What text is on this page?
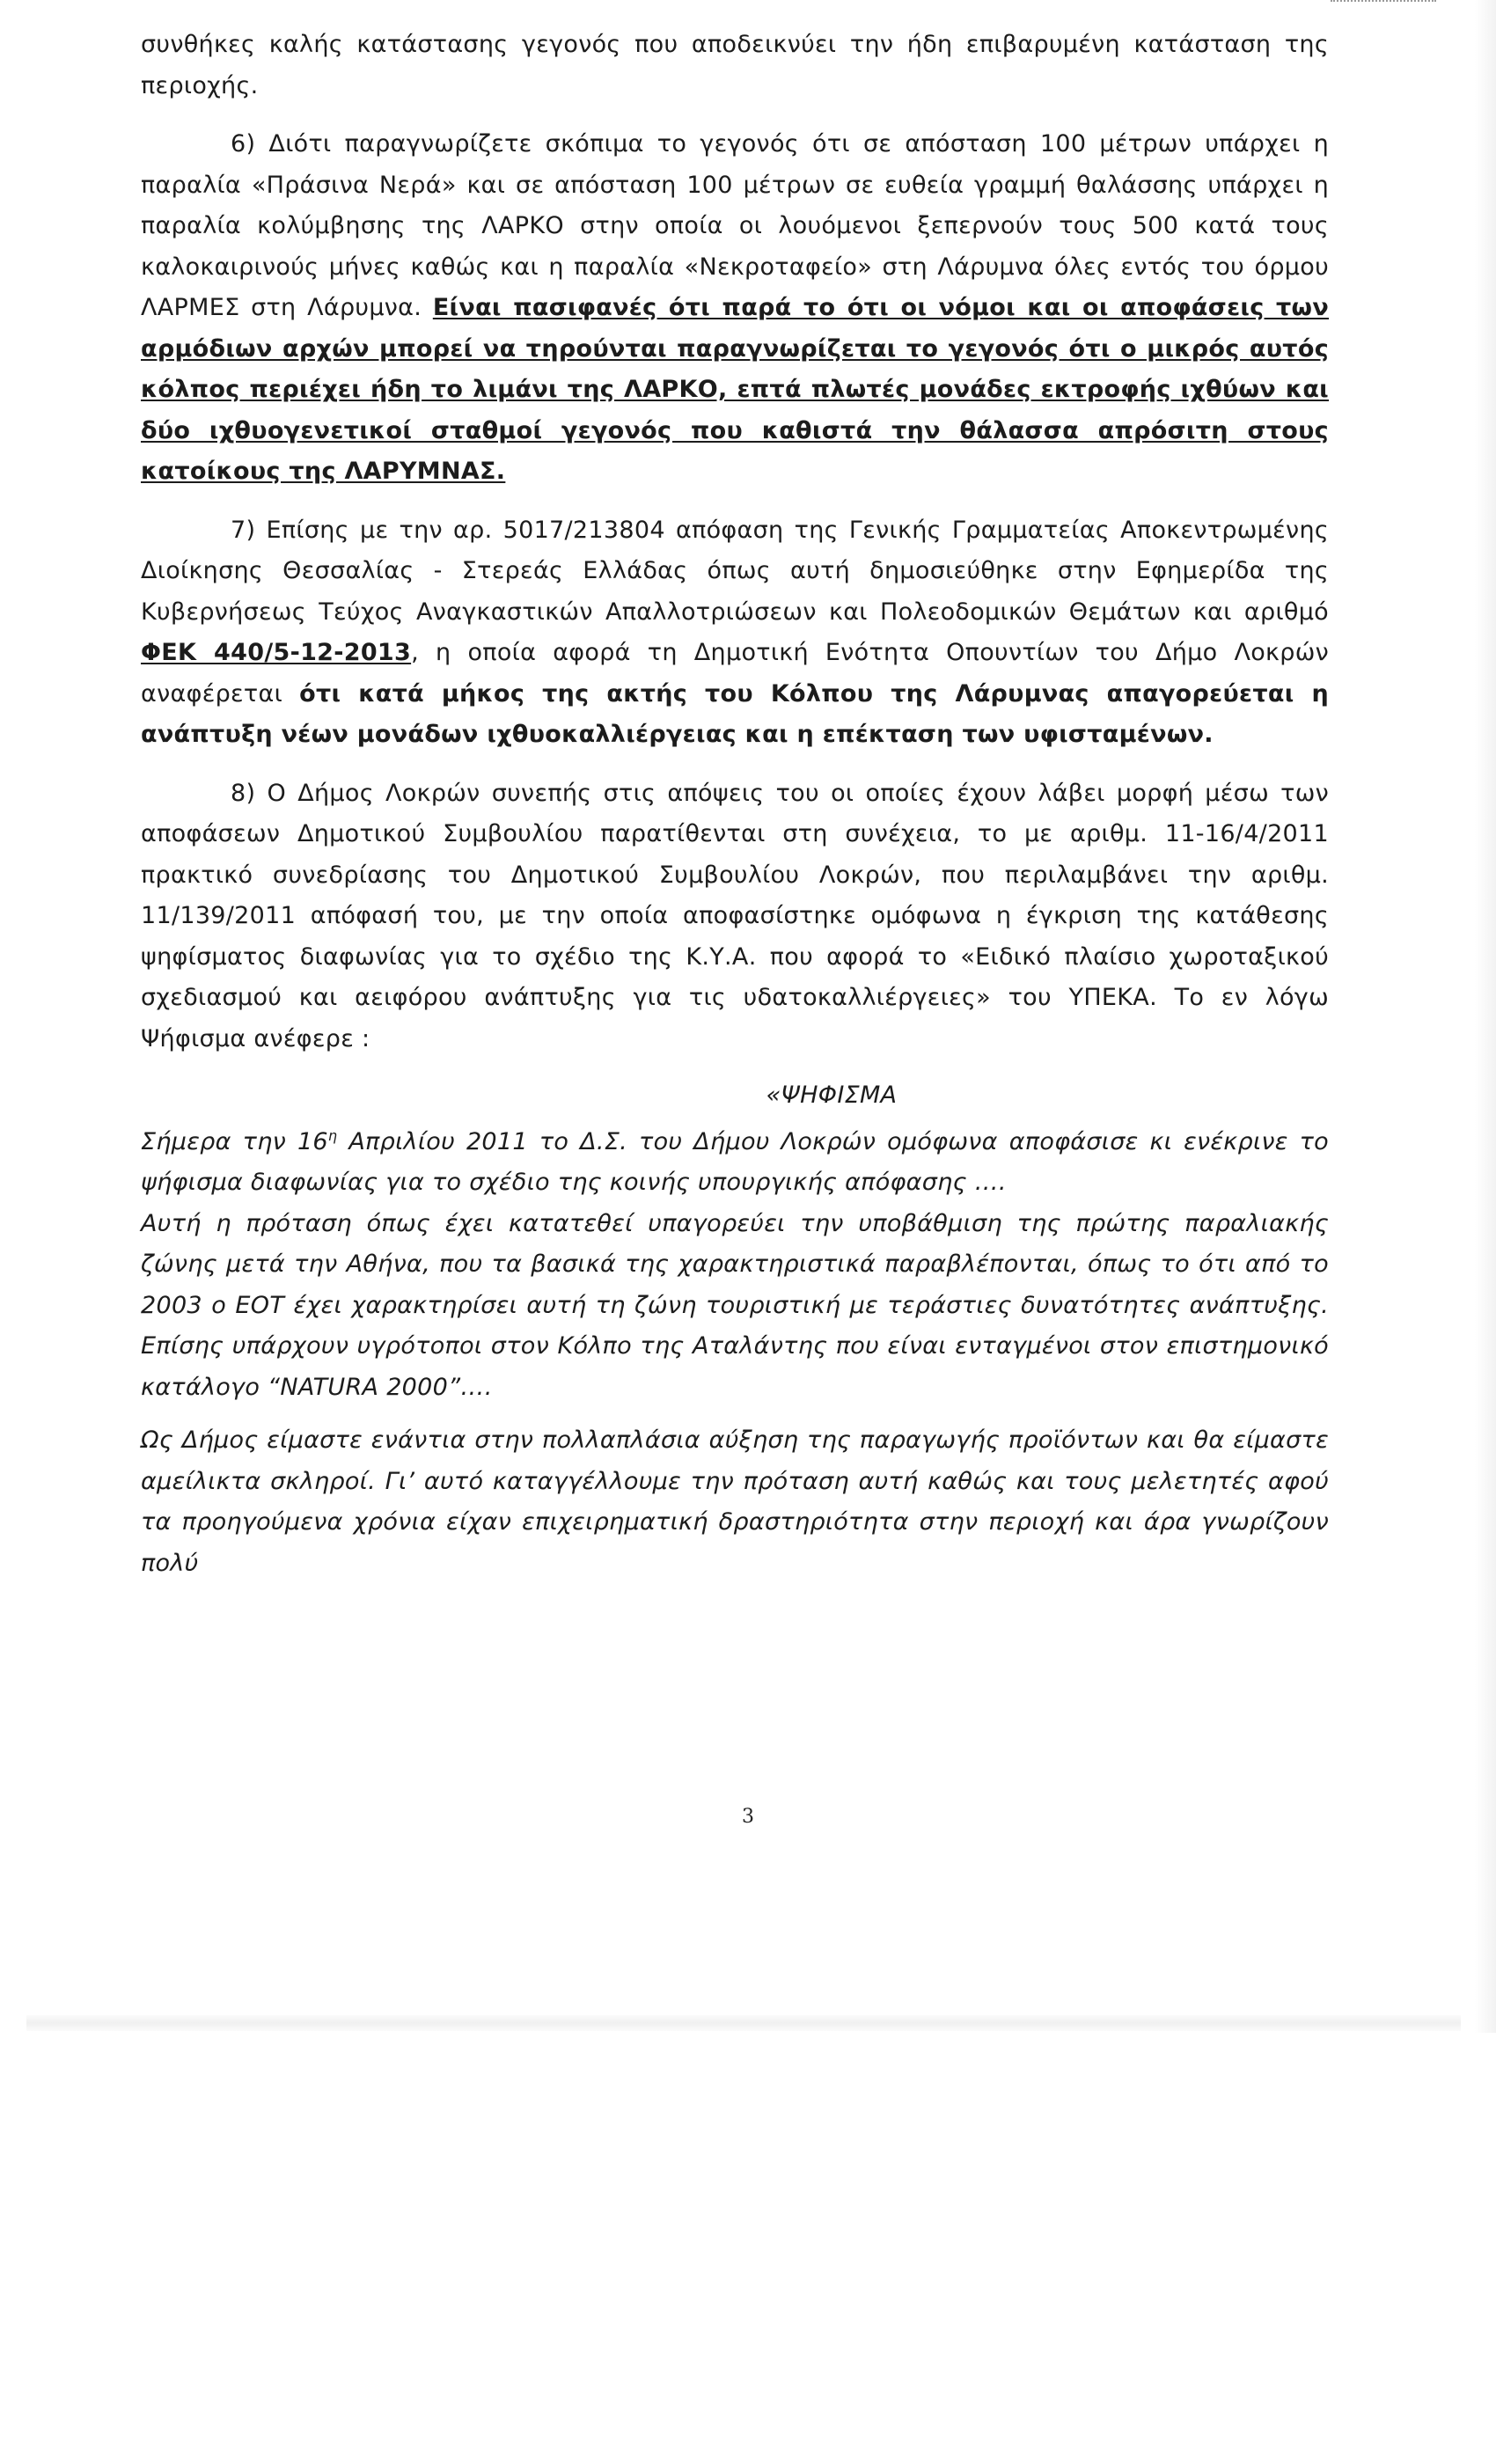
συνθήκες καλής κατάστασης γεγονός που αποδεικνύει την ήδη επιβαρυμένη κατάσταση της περιοχής.

6) Διότι παραγνωρίζετε σκόπιμα το γεγονός ότι σε απόσταση 100 μέτρων υπάρχει η παραλία «Πράσινα Νερά» και σε απόσταση 100 μέτρων σε ευθεία γραμμή θαλάσσης υπάρχει η παραλία κολύμβησης της ΛΑΡΚΟ στην οποία οι λουόμενοι ξεπερνούν τους 500 κατά τους καλοκαιρινούς μήνες καθώς και η παραλία «Νεκροταφείο» στη Λάρυμνα όλες εντός του όρμου ΛΑΡΜΕΣ στη Λάρυμνα. Είναι πασιφανές ότι παρά το ότι οι νόμοι και οι αποφάσεις των αρμόδιων αρχών μπορεί να τηρούνται παραγνωρίζεται το γεγονός ότι ο μικρός αυτός κόλπος περιέχει ήδη το λιμάνι της ΛΑΡΚΟ, επτά πλωτές μονάδες εκτροφής ιχθύων και δύο ιχθυογενετικοί σταθμοί γεγονός που καθιστά την θάλασσα απρόσιτη στους κατοίκους της ΛΑΡΥΜΝΑΣ.

7) Επίσης με την αρ. 5017/213804 απόφαση της Γενικής Γραμματείας Αποκεντρωμένης Διοίκησης Θεσσαλίας - Στερεάς Ελλάδας όπως αυτή δημοσιεύθηκε στην Εφημερίδα της Κυβερνήσεως Τεύχος Αναγκαστικών Απαλλοτριώσεων και Πολεοδομικών Θεμάτων και αριθμό ΦΕΚ 440/5-12-2013, η οποία αφορά τη Δημοτική Ενότητα Οπουντίων του Δήμο Λοκρών αναφέρεται ότι κατά μήκος της ακτής του Κόλπου της Λάρυμνας απαγορεύεται η ανάπτυξη νέων μονάδων ιχθυοκαλλιέργειας και η επέκταση των υφισταμένων.

8) Ο Δήμος Λοκρών συνεπής στις απόψεις του οι οποίες έχουν λάβει μορφή μέσω των αποφάσεων Δημοτικού Συμβουλίου παρατίθενται στη συνέχεια, το με αριθμ. 11-16/4/2011 πρακτικό συνεδρίασης του Δημοτικού Συμβουλίου Λοκρών, που περιλαμβάνει την αριθμ. 11/139/2011 απόφασή του, με την οποία αποφασίστηκε ομόφωνα η έγκριση της κατάθεσης ψηφίσματος διαφωνίας για το σχέδιο της Κ.Υ.Α. που αφορά το «Ειδικό πλαίσιο χωροταξικού σχεδιασμού και αειφόρου ανάπτυξης για τις υδατοκαλλιέργειες» του ΥΠΕΚΑ. Το εν λόγω Ψήφισμα ανέφερε :

«ΨΗΦΙΣΜΑ

Σήμερα την $16^\eta$ Απριλίου 2011 το Δ.Σ. του Δήμου Λοκρών ομόφωνα αποφάσισε κι ενέκρινε το ψήφισμα διαφωνίας για το σχέδιο της κοινής υπουργικής απόφασης ….

Αυτή η πρόταση όπως έχει κατατεθεί υπαγορεύει την υποβάθμιση της πρώτης παραλιακής ζώνης μετά την Αθήνα, που τα βασικά της χαρακτηριστικά παραβλέπονται, όπως το ότι από το 2003 ο ΕΟΤ έχει χαρακτηρίσει αυτή τη ζώνη τουριστική με τεράστιες δυνατότητες ανάπτυξης. Επίσης υπάρχουν υγρότοποι στον Κόλπο της Αταλάντης που είναι ενταγμένοι στον επιστημονικό κατάλογο “NATURA 2000”….

Ως Δήμος είμαστε ενάντια στην πολλαπλάσια αύξηση της παραγωγής προϊόντων και θα είμαστε αμείλικτα σκληροί. Γι’ αυτό καταγγέλλουμε την πρόταση αυτή καθώς και τους μελετητές αφού τα προηγούμενα χρόνια είχαν επιχειρηματική δραστηριότητα στην περιοχή και άρα γνωρίζουν πολύ

3
